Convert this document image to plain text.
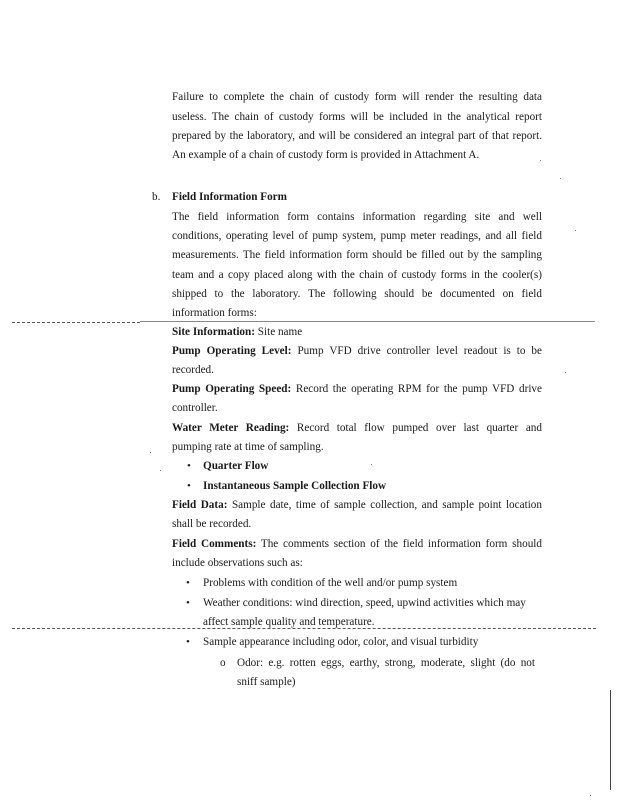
Failure to complete the chain of custody form will render the resulting data
useless. The chain of custody forms will be included in the analytical report
prepared by the laboratory, and will be considered an integral part of that report.
An example of a chain of custody form is provided in Attachment A.
b. Field Information Form
The field information form contains information regarding site and well
conditions, operating level of pump system, pump meter readings, and all field
measurements. The field information form should be filled out by the sampling
team and a copy placed along with the chain of custody forms in the cooler(s)
shipped to the laboratory. The following should be documented on field
information forms:
Site Information: Site name
Pump Operating Level: Pump VFD drive controller level readout is to be
recorded.
Pump Operating Speed: Record the operating RPM for the pump VFD drive
controller.
Water Meter Reading: Record total flow pumped over last quarter and
pumping rate at time of sampling.
• Quarter Flow
• Instantaneous Sample Collection Flow
Field Data: Sample date, time of sample collection, and sample point location
shall be recorded.
Field Comments: The comments section of the field information form should
include observations such as:
• Problems with condition of the well and/or pump system
• Weather conditions: wind direction, speed, upwind activities which may
affect sample quality and temperature.
• Sample appearance including odor, color, and visual turbidity
o Odor: e.g. rotten eggs, earthy, strong, moderate, slight (do not
sniff sample)
